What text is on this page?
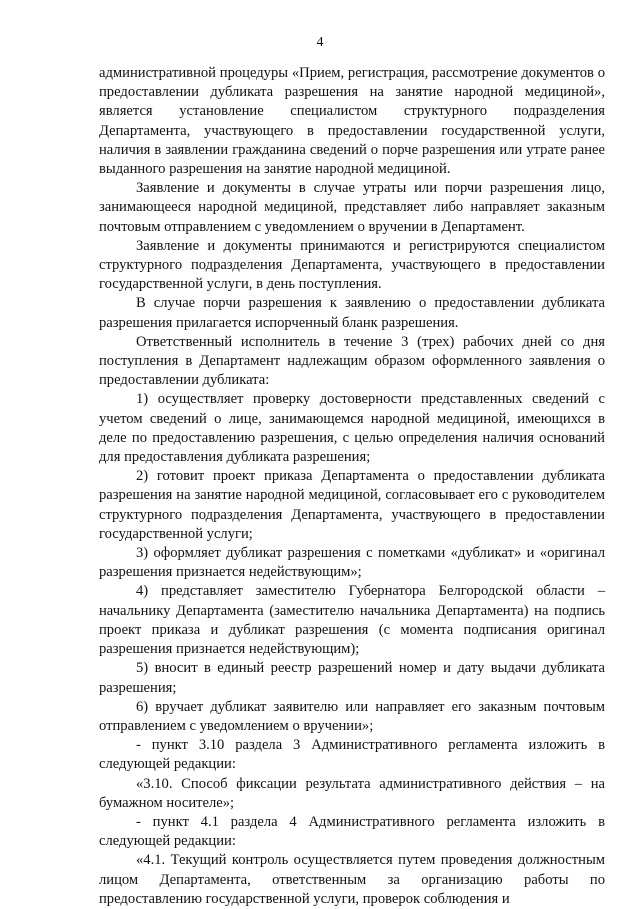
4

административной процедуры «Прием, регистрация, рассмотрение документов о предоставлении дубликата разрешения на занятие народной медициной», является установление специалистом структурного подразделения Департамента, участвующего в предоставлении государственной услуги, наличия в заявлении гражданина сведений о порче разрешения или утрате ранее выданного разрешения на занятие народной медициной.

Заявление и документы в случае утраты или порчи разрешения лицо, занимающееся народной медициной, представляет либо направляет заказным почтовым отправлением с уведомлением о вручении в Департамент.

Заявление и документы принимаются и регистрируются специалистом структурного подразделения Департамента, участвующего в предоставлении государственной услуги, в день поступления.

В случае порчи разрешения к заявлению о предоставлении дубликата разрешения прилагается испорченный бланк разрешения.

Ответственный исполнитель в течение 3 (трех) рабочих дней со дня поступления в Департамент надлежащим образом оформленного заявления о предоставлении дубликата:

1) осуществляет проверку достоверности представленных сведений с учетом сведений о лице, занимающемся народной медициной, имеющихся в деле по предоставлению разрешения, с целью определения наличия оснований для предоставления дубликата разрешения;

2) готовит проект приказа Департамента о предоставлении дубликата разрешения на занятие народной медициной, согласовывает его с руководителем структурного подразделения Департамента, участвующего в предоставлении государственной услуги;

3) оформляет дубликат разрешения с пометками «дубликат» и «оригинал разрешения признается недействующим»;

4) представляет заместителю Губернатора Белгородской области – начальнику Департамента (заместителю начальника Департамента) на подпись проект приказа и дубликат разрешения (с момента подписания оригинал разрешения признается недействующим);

5) вносит в единый реестр разрешений номер и дату выдачи дубликата разрешения;

6) вручает дубликат заявителю или направляет его заказным почтовым отправлением с уведомлением о вручении»;

- пункт 3.10 раздела 3 Административного регламента изложить в следующей редакции:

«3.10. Способ фиксации результата административного действия – на бумажном носителе»;

- пункт 4.1 раздела 4 Административного регламента изложить в следующей редакции:

«4.1. Текущий контроль осуществляется путем проведения должностным лицом Департамента, ответственным за организацию работы по предоставлению государственной услуги, проверок соблюдения и
